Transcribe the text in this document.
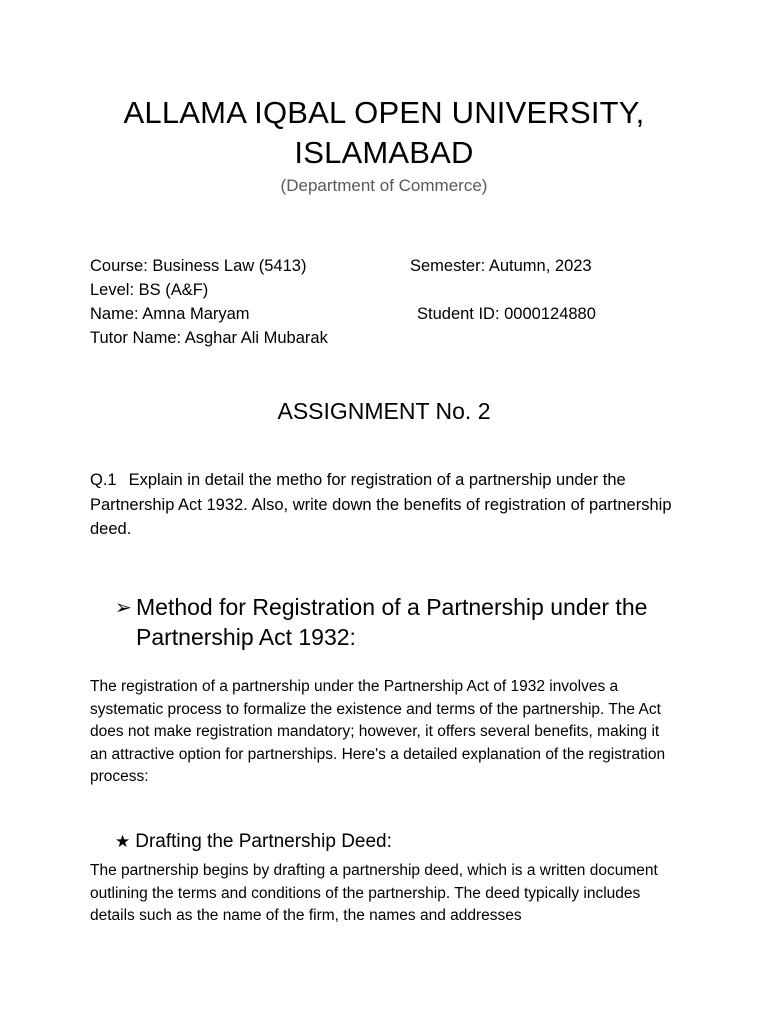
ALLAMA IQBAL OPEN UNIVERSITY,
ISLAMABAD
(Department of Commerce)
Course: Business Law (5413)	Semester: Autumn, 2023
Level: BS (A&F)
Name: Amna Maryam	Student ID: 0000124880
Tutor Name: Asghar Ali Mubarak
ASSIGNMENT No. 2
Q.1 Explain in detail the metho for registration of a partnership under the Partnership Act 1932. Also, write down the benefits of registration of partnership deed.
➢ Method for Registration of a Partnership under the Partnership Act 1932:
The registration of a partnership under the Partnership Act of 1932 involves a systematic process to formalize the existence and terms of the partnership. The Act does not make registration mandatory; however, it offers several benefits, making it an attractive option for partnerships. Here's a detailed explanation of the registration process:
★ Drafting the Partnership Deed:
The partnership begins by drafting a partnership deed, which is a written document outlining the terms and conditions of the partnership. The deed typically includes details such as the name of the firm, the names and addresses
